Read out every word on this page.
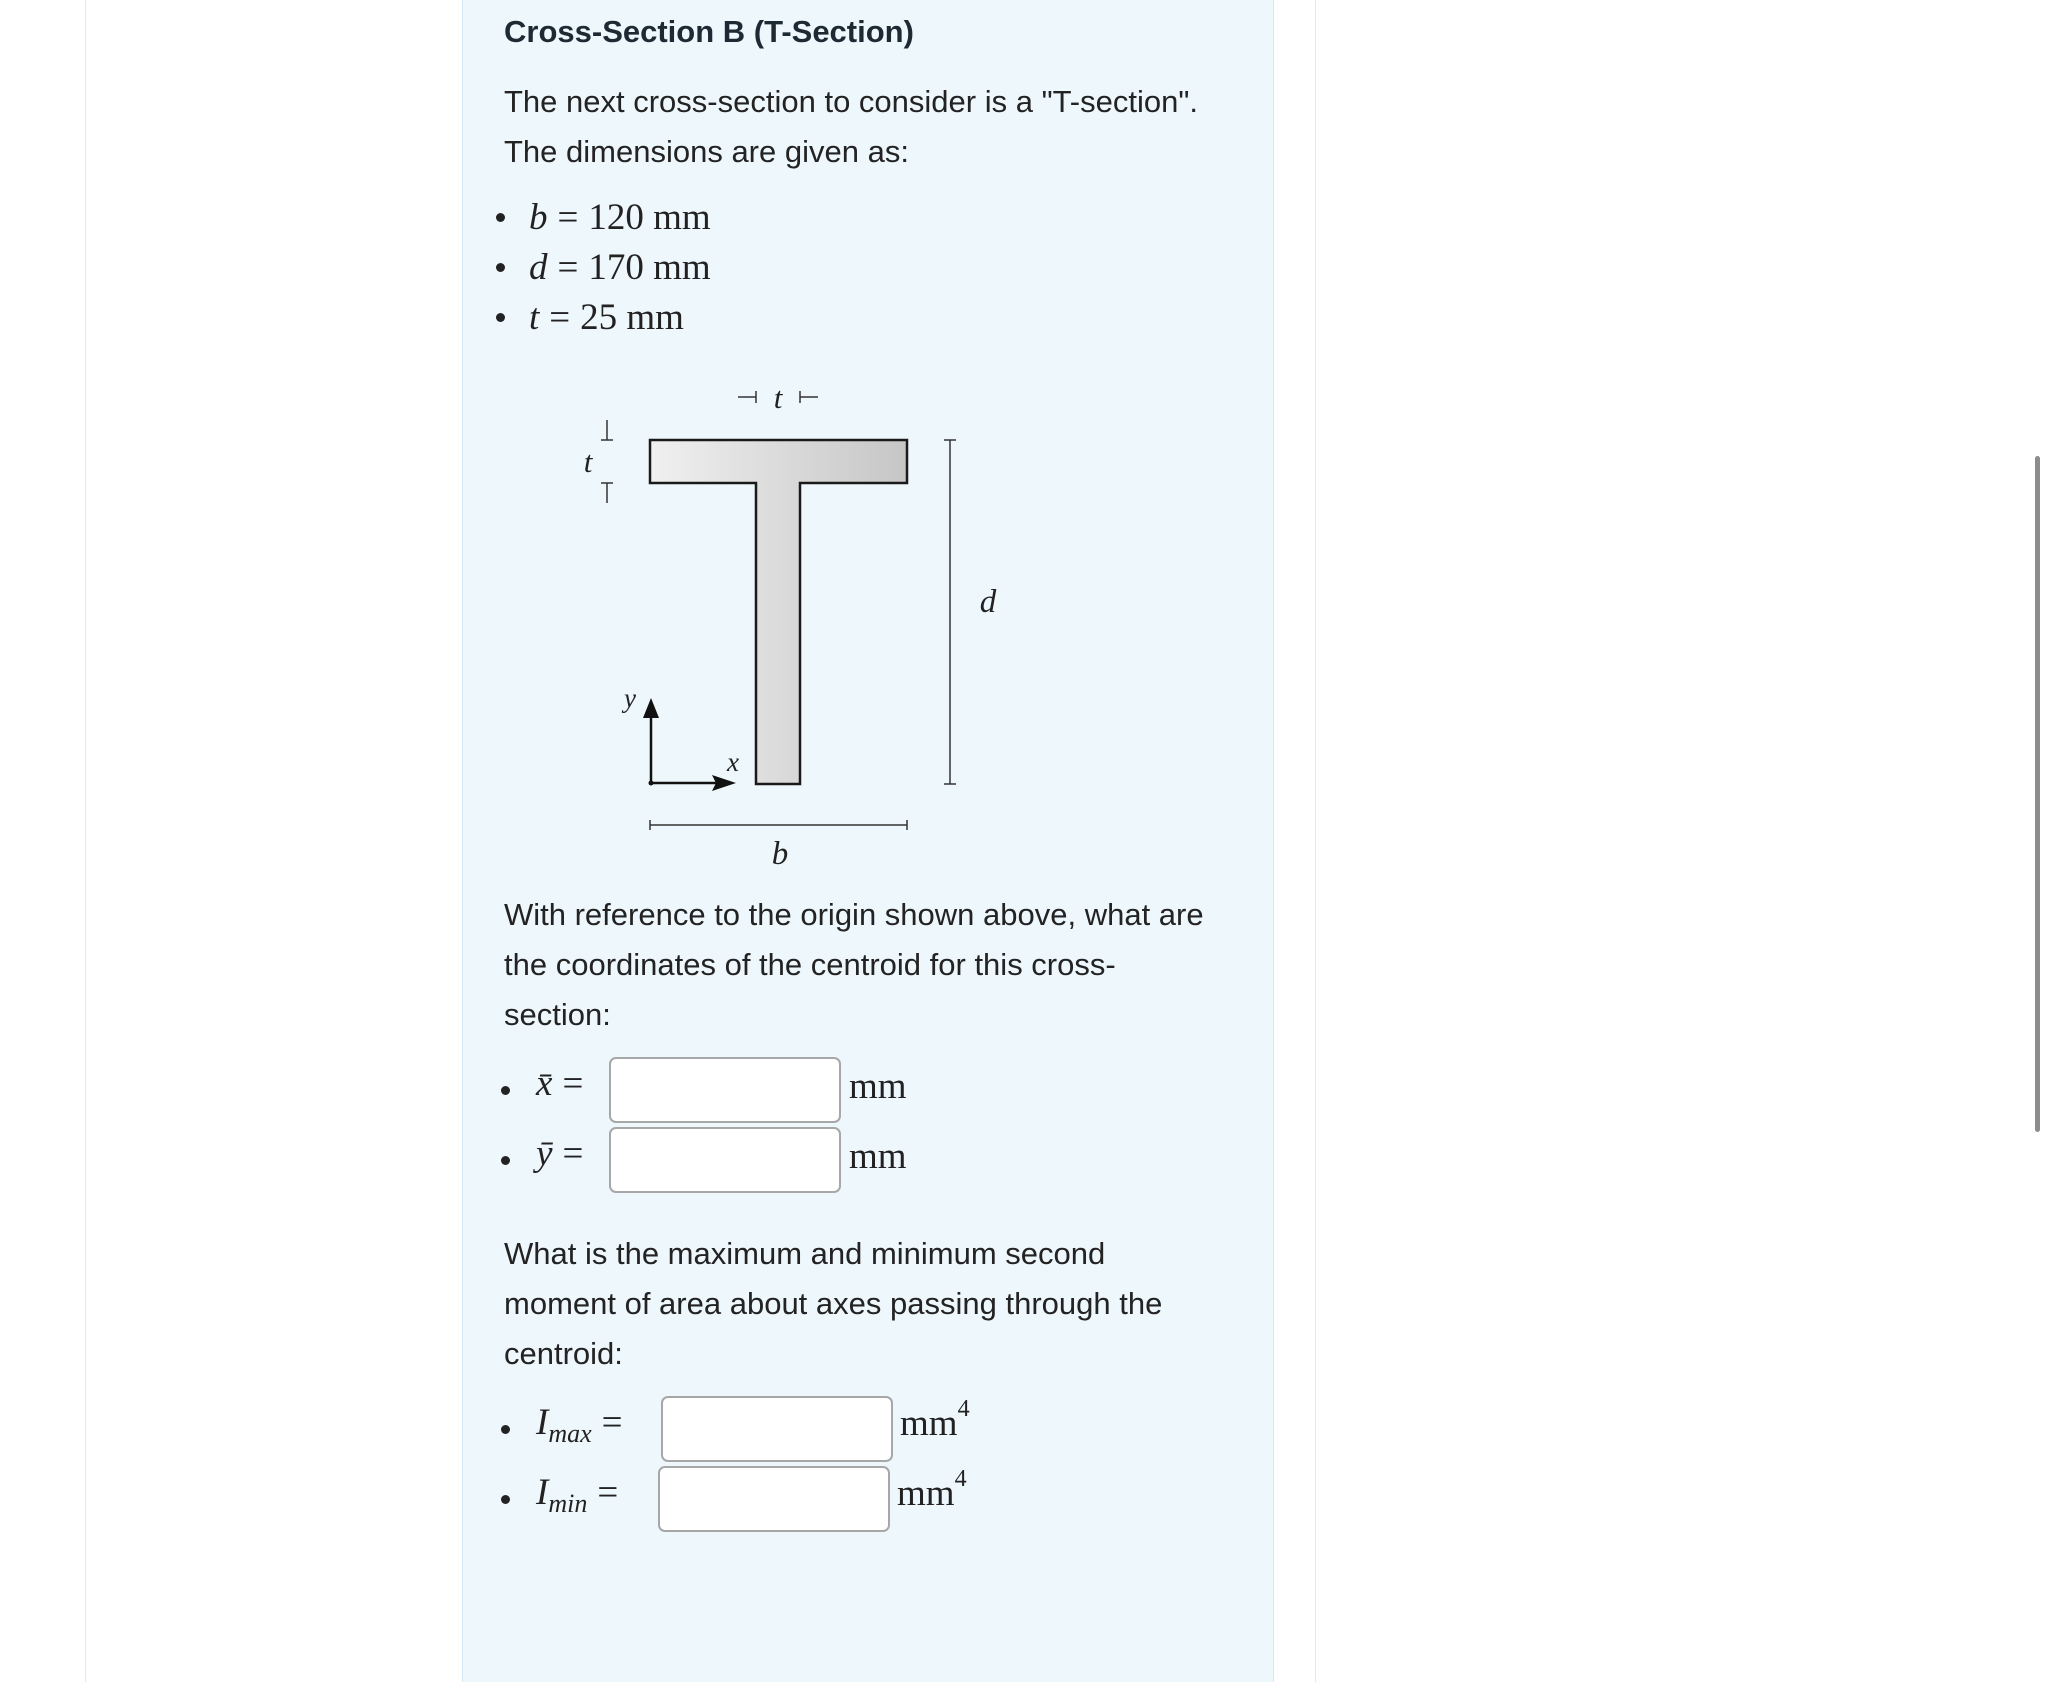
Cross-Section B (T-Section)
The next cross-section to consider is a "T-section".
The dimensions are given as:
b = 120 mm
d = 170 mm
t = 25 mm
t
t
d
b
y
x
With reference to the origin shown above, what are
the coordinates of the centroid for this cross-
section:
x̄ =	mm
ȳ =	mm
What is the maximum and minimum second
moment of area about axes passing through the
centroid:
$I_{max}$ =	$mm^4$
$I_{min}$ =	$mm^4$
